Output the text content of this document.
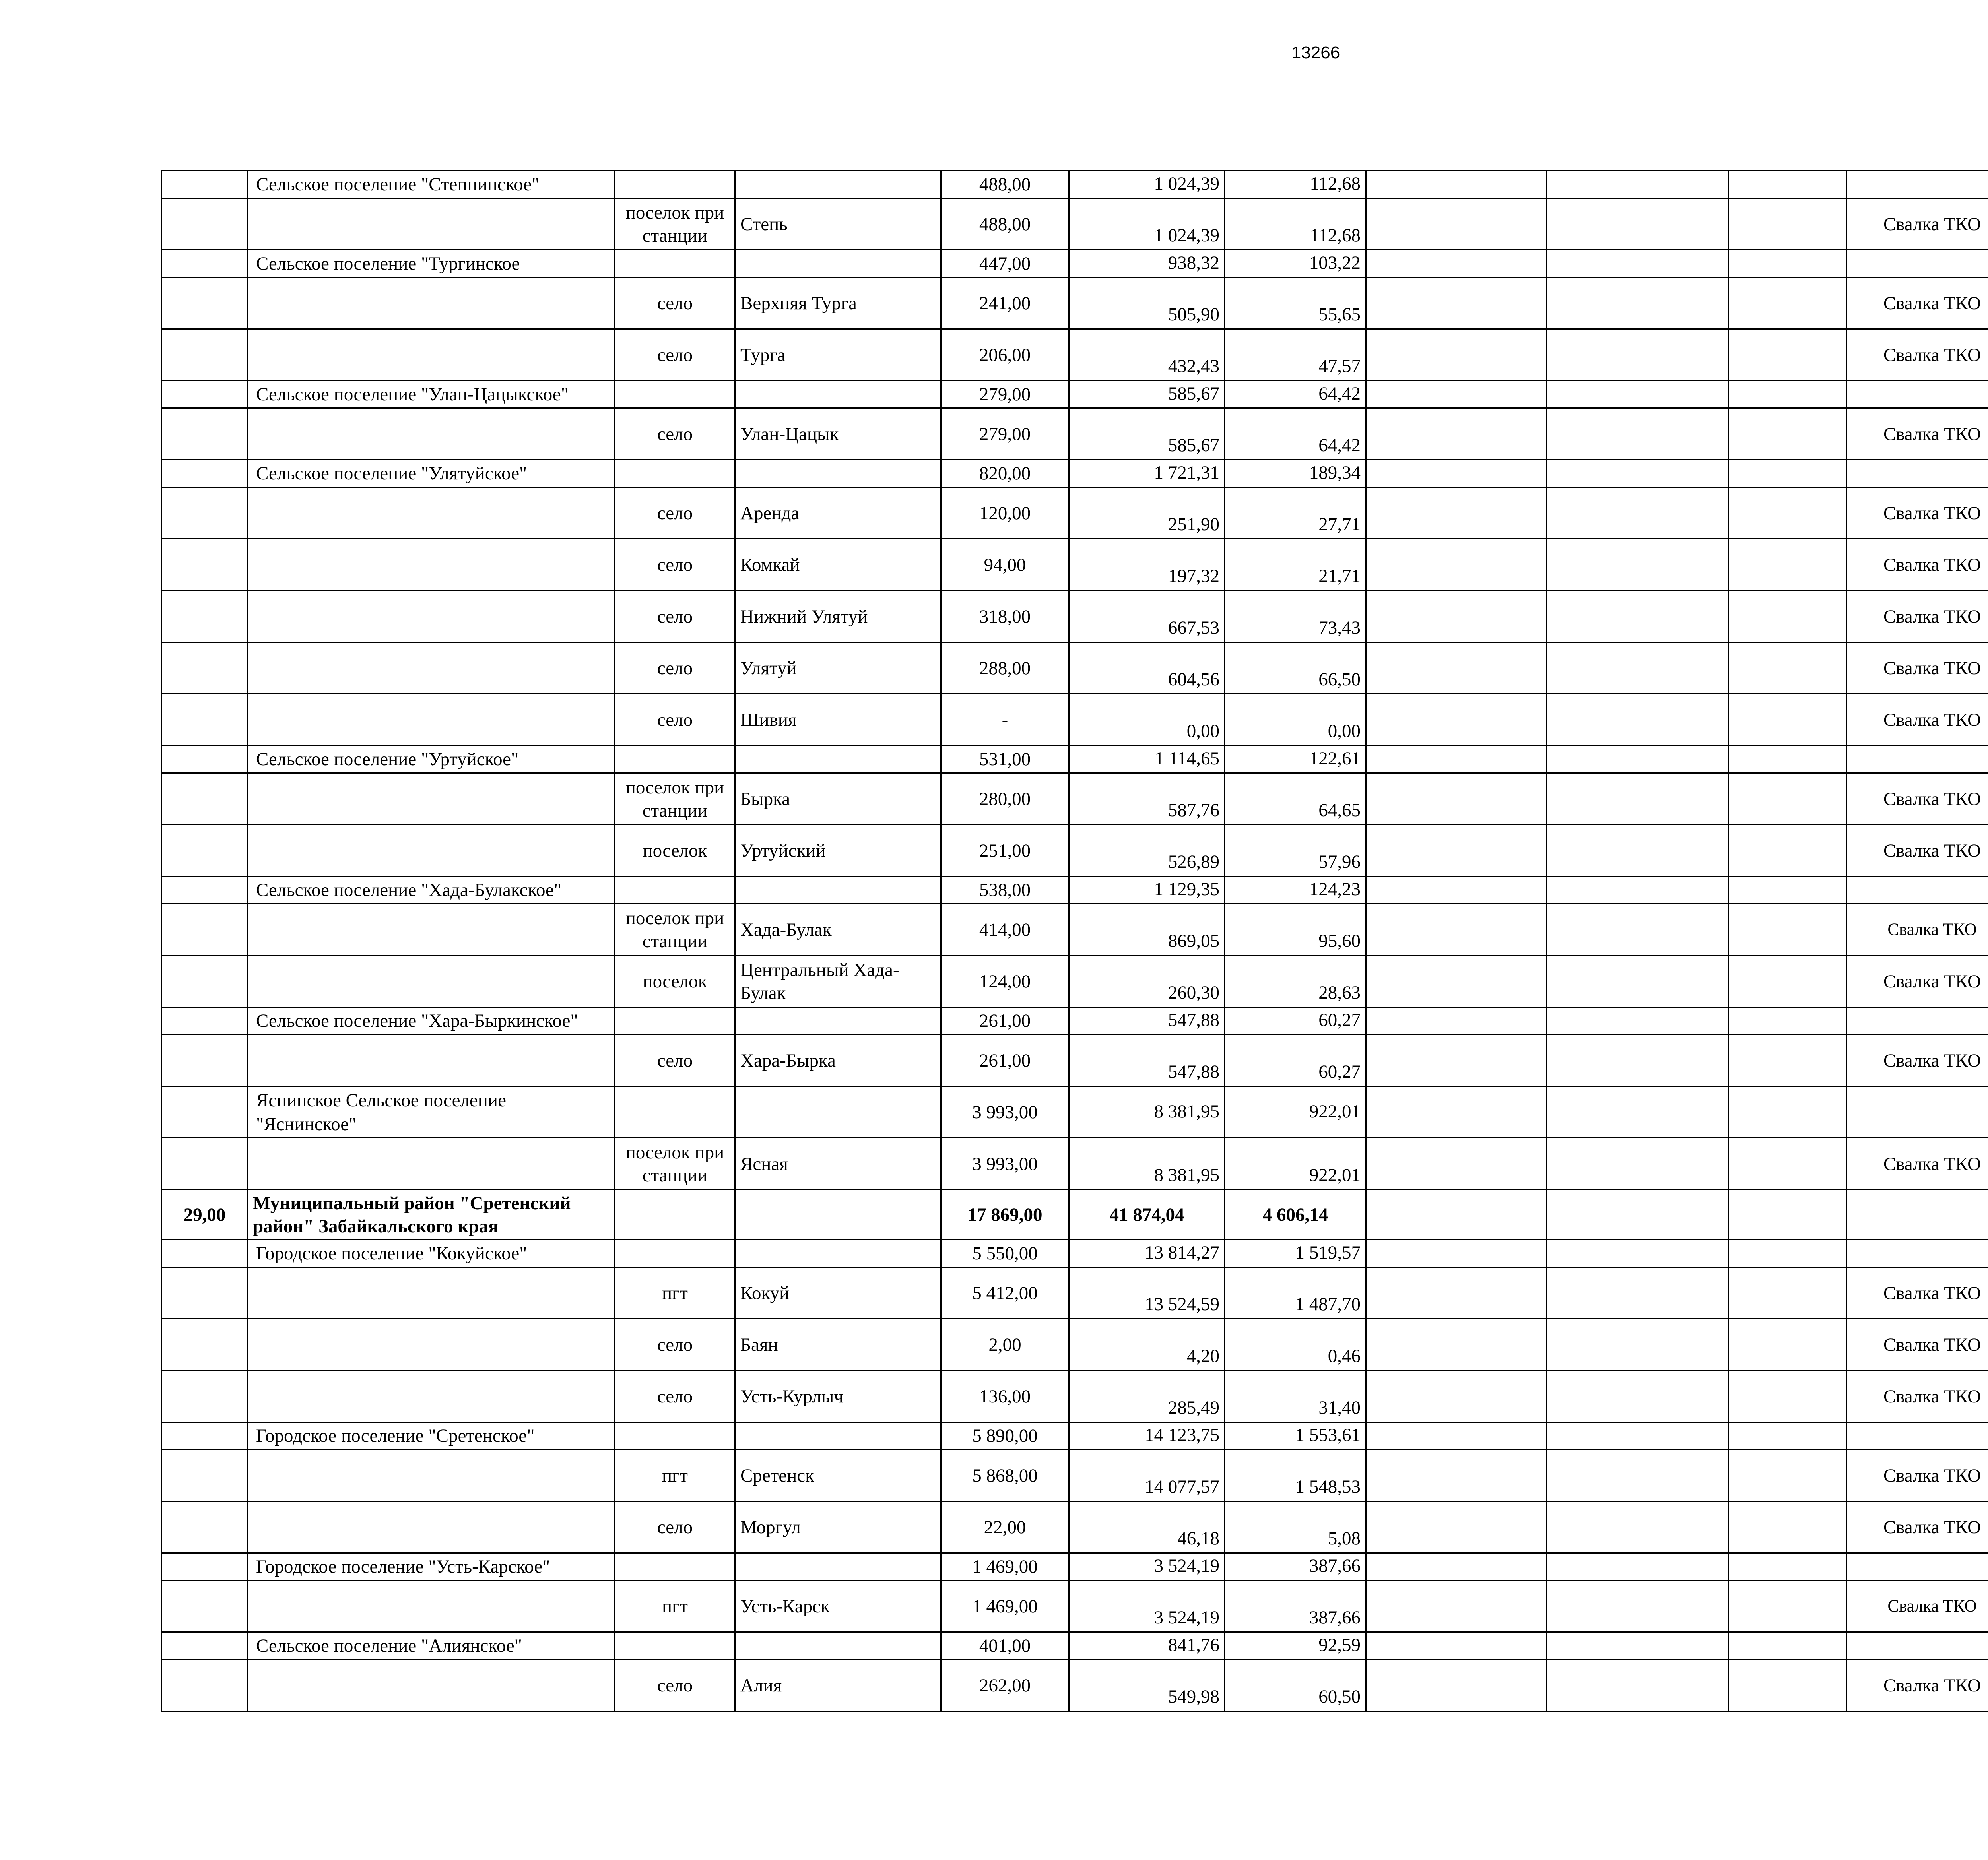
13266
	Сельское поселение "Степнинское"			488,00	1 024,39	112,68						
		поселок при станции	Степь	488,00	1 024,39	112,68				Свалка ТКО		
	Сельское поселение "Тургинское			447,00	938,32	103,22						
		село	Верхняя Турга	241,00	505,90	55,65				Свалка ТКО		
		село	Турга	206,00	432,43	47,57				Свалка ТКО		
	Сельское поселение "Улан-Цацыкское"			279,00	585,67	64,42						
		село	Улан-Цацык	279,00	585,67	64,42				Свалка ТКО		
	Сельское поселение "Улятуйское"			820,00	1 721,31	189,34						
		село	Аренда	120,00	251,90	27,71				Свалка ТКО		
		село	Комкай	94,00	197,32	21,71				Свалка ТКО		
		село	Нижний Улятуй	318,00	667,53	73,43				Свалка ТКО		
		село	Улятуй	288,00	604,56	66,50				Свалка ТКО		
		село	Шивия	-	0,00	0,00				Свалка ТКО		
	Сельское поселение "Уртуйское"			531,00	1 114,65	122,61						
		поселок при станции	Бырка	280,00	587,76	64,65				Свалка ТКО		
		поселок	Уртуйский	251,00	526,89	57,96				Свалка ТКО		
	Сельское поселение "Хада-Булакское"			538,00	1 129,35	124,23						
		поселок при станции	Хада-Булак	414,00	869,05	95,60				Свалка ТКО		
		поселок	Центральный Хада-Булак	124,00	260,30	28,63				Свалка ТКО		
	Сельское поселение "Хара-Быркинское"			261,00	547,88	60,27						
		село	Хара-Бырка	261,00	547,88	60,27				Свалка ТКО		
	Яснинское Сельское поселение "Яснинское"			3 993,00	8 381,95	922,01						
		поселок при станции	Ясная	3 993,00	8 381,95	922,01				Свалка ТКО		
29,00	Муниципальный район "Сретенский район" Забайкальского края			17 869,00	41 874,04	4 606,14						
	Городское поселение "Кокуйское"			5 550,00	13 814,27	1 519,57						
		пгт	Кокуй	5 412,00	13 524,59	1 487,70				Свалка ТКО		
		село	Баян	2,00	4,20	0,46				Свалка ТКО		
		село	Усть-Курлыч	136,00	285,49	31,40				Свалка ТКО		
	Городское поселение "Сретенское"			5 890,00	14 123,75	1 553,61						
		пгт	Сретенск	5 868,00	14 077,57	1 548,53				Свалка ТКО		
		село	Моргул	22,00	46,18	5,08				Свалка ТКО		
	Городское поселение "Усть-Карское"			1 469,00	3 524,19	387,66						
		пгт	Усть-Карск	1 469,00	3 524,19	387,66				Свалка ТКО		
	Сельское поселение "Алиянское"			401,00	841,76	92,59						
		село	Алия	262,00	549,98	60,50				Свалка ТКО		
